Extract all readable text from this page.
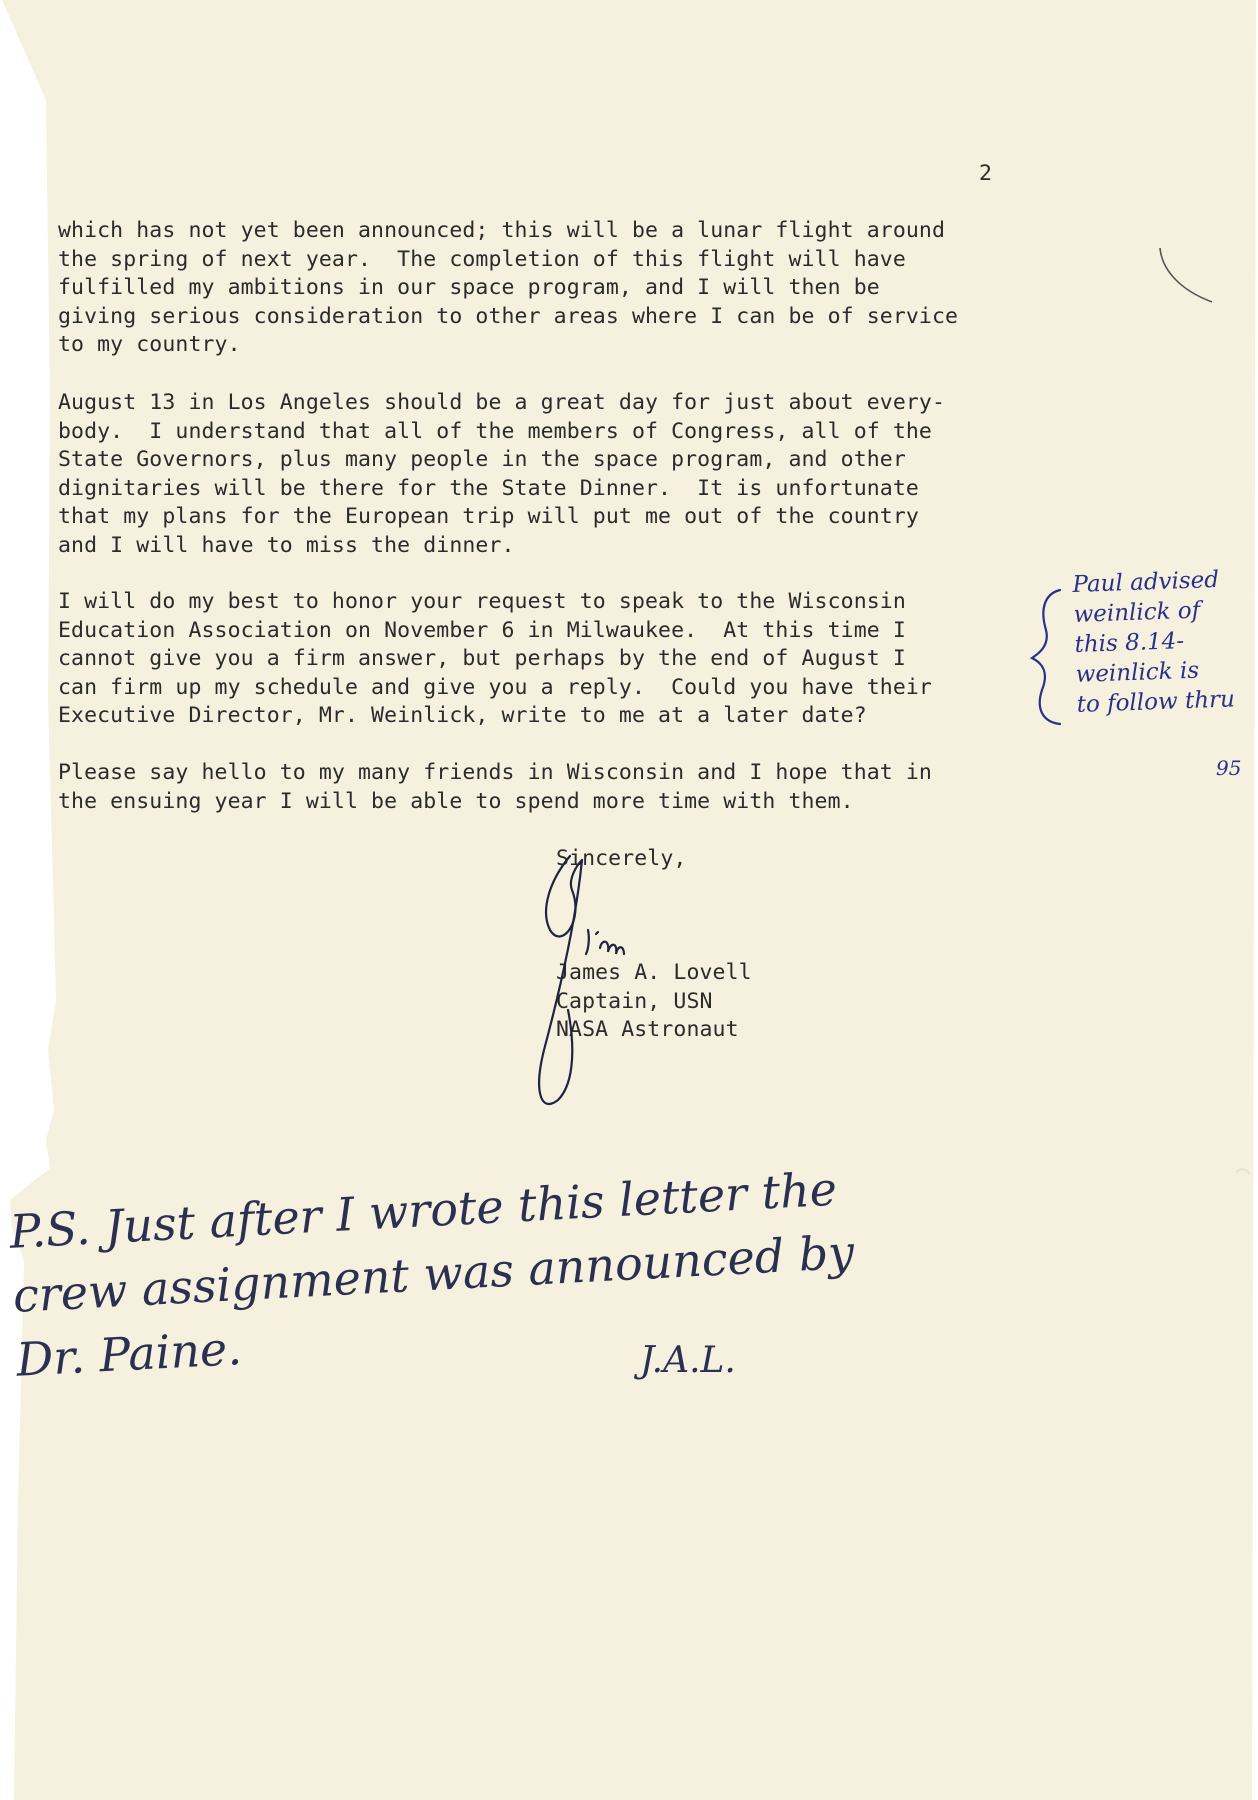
2

which has not yet been announced; this will be a lunar flight around
the spring of next year.  The completion of this flight will have
fulfilled my ambitions in our space program, and I will then be
giving serious consideration to other areas where I can be of service
to my country.

August 13 in Los Angeles should be a great day for just about every-
body.  I understand that all of the members of Congress, all of the
State Governors, plus many people in the space program, and other
dignitaries will be there for the State Dinner.  It is unfortunate
that my plans for the European trip will put me out of the country
and I will have to miss the dinner.

I will do my best to honor your request to speak to the Wisconsin
Education Association on November 6 in Milwaukee.  At this time I
cannot give you a firm answer, but perhaps by the end of August I
can firm up my schedule and give you a reply.  Could you have their
Executive Director, Mr. Weinlick, write to me at a later date?

Please say hello to my many friends in Wisconsin and I hope that in
the ensuing year I will be able to spend more time with them.

Sincerely,
James A. Lovell
Captain, USN
NASA Astronaut
Paul advised
weinlick of
this 8.14-
weinlick is
to follow thru
95
P.S. Just after I wrote this letter the
crew assignment was announced by
Dr. Paine.	J.A.L.
